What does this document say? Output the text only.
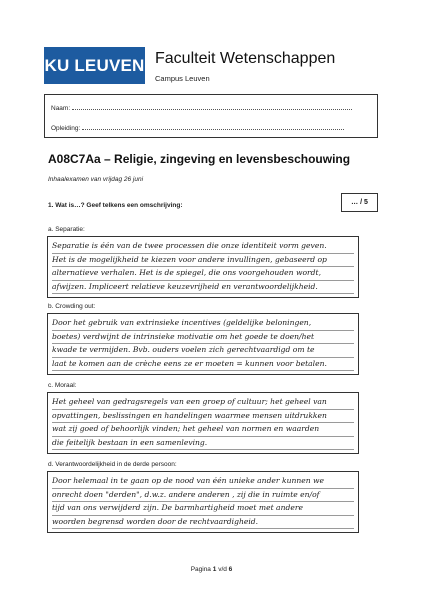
KU LEUVEN Faculteit Wetenschappen
Campus Leuven
Naam:
Opleiding:
A08C7Aa – Religie, zingeving en levensbeschouwing
Inhaalexamen van vrijdag 26 juni
1. Wat is…? Geef telkens een omschrijving:	… / 5
a. Separatie:
Separatie is één van de twee processen die onze identiteit vorm geven.
Het is de mogelijkheid te kiezen voor andere invullingen, gebaseerd op
alternatieve verhalen. Het is de spiegel, die ons voorgehouden wordt,
afwijzen. Impliceert relatieve keuzevrijheid en verantwoordelijkheid.
b. Crowding out:
Door het gebruik van extrinsieke incentives (geldelijke beloningen,
boetes) verdwijnt de intrinsieke motivatie om het goede te doen/het
kwade te vermijden. Bvb. ouders voelen zich gerechtvaardigd om te
laat te komen aan de crèche eens ze er moeten = kunnen voor betalen.
c. Moraal:
Het geheel van gedragsregels van een groep of cultuur; het geheel van
opvattingen, beslissingen en handelingen waarmee mensen uitdrukken
wat zij goed of behoorlijk vinden; het geheel van normen en waarden
die feitelijk bestaan in een samenleving.
d. Verantwoordelijkheid in de derde persoon:
Door helemaal in te gaan op de nood van één unieke ander kunnen we
onrecht doen "derden", d.w.z. andere anderen , zij die in ruimte en/of
tijd van ons verwijderd zijn. De barmhartigheid moet met andere
woorden begrensd worden door de rechtvaardigheid.
Pagina 1 v/d 6
